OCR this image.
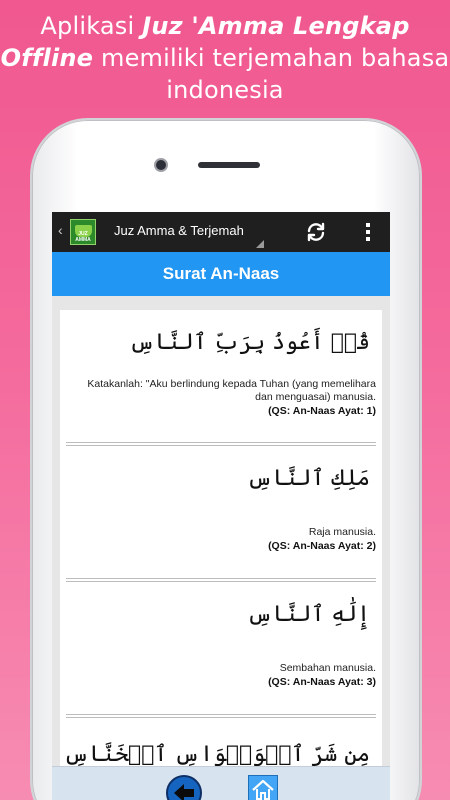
Aplikasi Juz 'Amma Lengkap
Offline memiliki terjemahan bahasa indonesia
‹	JUZ AMMA
Juz Amma & Terjemah
Surat An-Naas
قُلۡ أَعُوذُ بِرَبِّ ٱلنَّاسِ
Katakanlah: "Aku berlindung kepada Tuhan (yang memelihara dan menguasai) manusia.
(QS: An-Naas Ayat: 1)
مَلِكِ ٱلنَّاسِ
Raja manusia.
(QS: An-Naas Ayat: 2)
إِلَٰهِ ٱلنَّاسِ
Sembahan manusia.
(QS: An-Naas Ayat: 3)
مِن شَرِّ ٱلۡوَسۡوَاسِ ٱلۡخَنَّاسِ
